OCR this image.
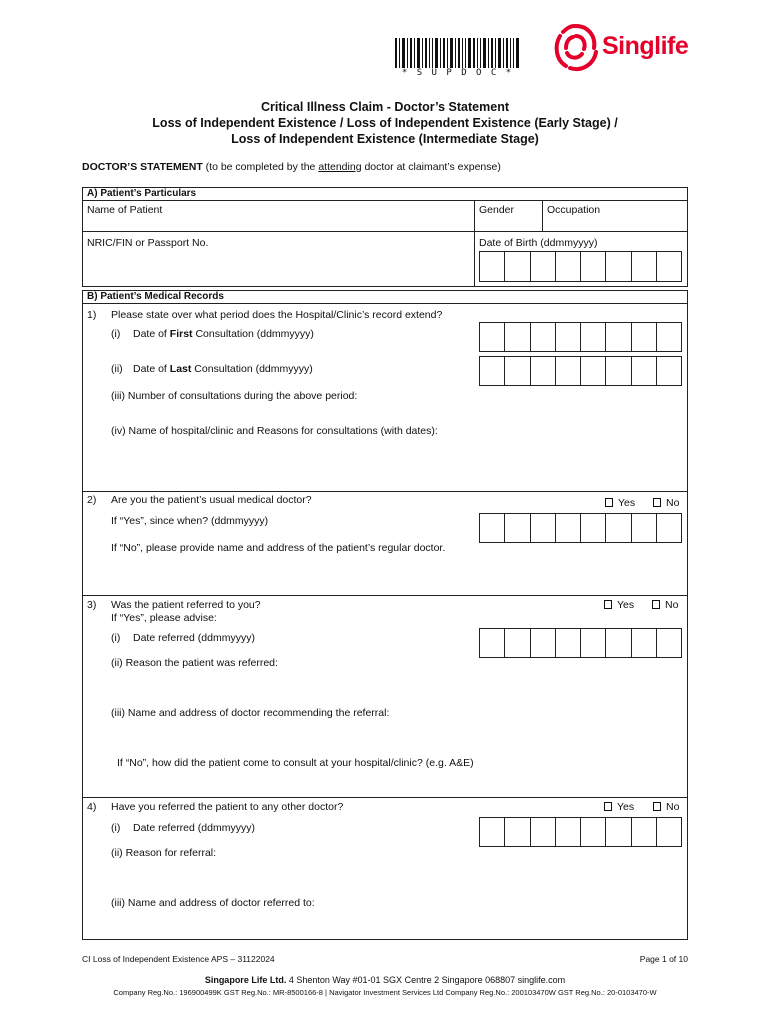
* S U P D O C *
Singlife
Critical Illness Claim - Doctor’s Statement
Loss of Independent Existence / Loss of Independent Existence (Early Stage) /
Loss of Independent Existence (Intermediate Stage)
DOCTOR’S STATEMENT (to be completed by the attending doctor at claimant’s expense)
A) Patient’s Particulars
Name of Patient	Gender	Occupation
NRIC/FIN or Passport No.	Date of Birth (ddmmyyyy)
B) Patient’s Medical Records
1) Please state over what period does the Hospital/Clinic’s record extend?
(i) Date of First Consultation (ddmmyyyy)
(ii) Date of Last Consultation (ddmmyyyy)
(iii) Number of consultations during the above period:
(iv) Name of hospital/clinic and Reasons for consultations (with dates):
2) Are you the patient’s usual medical doctor?	Yes	No
If “Yes”, since when? (ddmmyyyy)
If “No”, please provide name and address of the patient’s regular doctor.
3) Was the patient referred to you?
If “Yes”, please advise:
Yes	No
(i) Date referred (ddmmyyyy)
(ii) Reason the patient was referred:
(iii) Name and address of doctor recommending the referral:
If “No”, how did the patient come to consult at your hospital/clinic? (e.g. A&E)
4) Have you referred the patient to any other doctor?	Yes	No
(i) Date referred (ddmmyyyy)
(ii) Reason for referral:
(iii) Name and address of doctor referred to:
CI Loss of Independent Existence APS – 31122024	Page 1 of 10
Singapore Life Ltd. 4 Shenton Way #01-01 SGX Centre 2 Singapore 068807 singlife.com
Company Reg.No.: 196900499K GST Reg.No.: MR-8500166-8 | Navigator Investment Services Ltd Company Reg.No.: 200103470W GST Reg.No.: 20-0103470-W
